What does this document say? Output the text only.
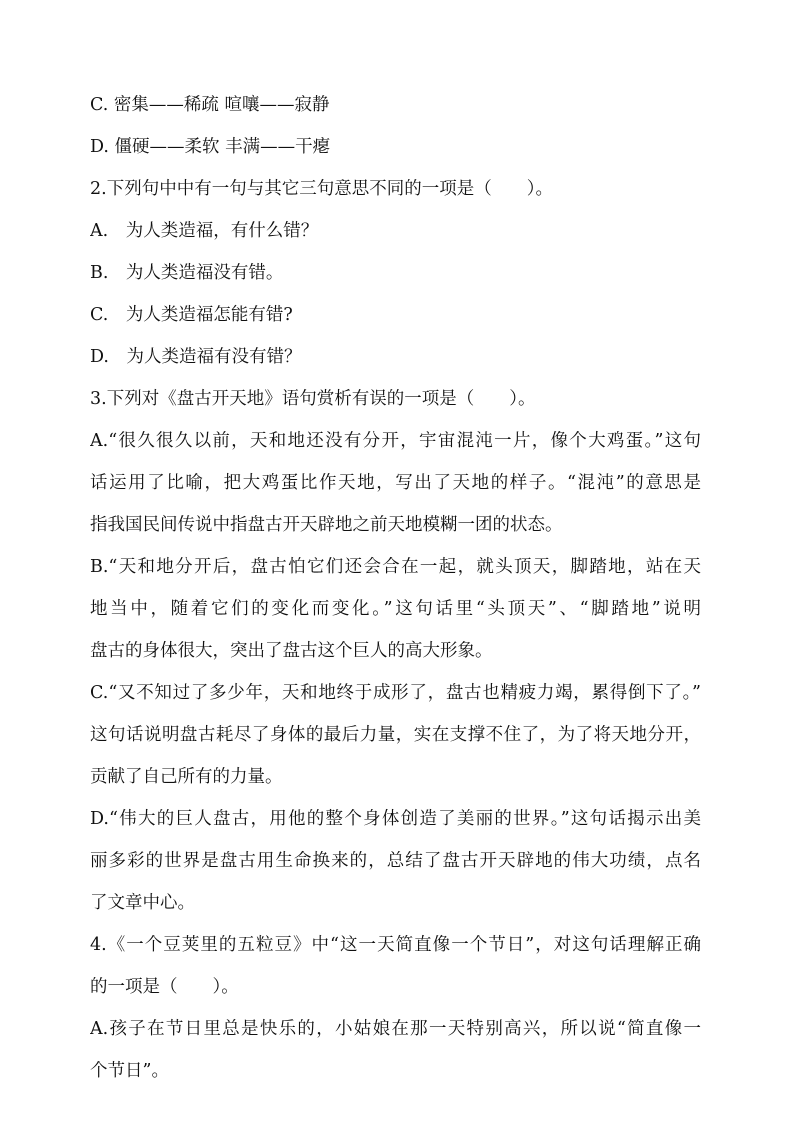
C. 密集——稀疏 喧嚷——寂静
D. 僵硬——柔软 丰满——干瘪
2.下列句中中有一句与其它三句意思不同的一项是（　　）。
A.　为人类造福，有什么错？
B.　为人类造福没有错。
C.　为人类造福怎能有错?
D.　为人类造福有没有错？
3.下列对《盘古开天地》语句赏析有误的一项是（　　）。
A.“很久很久以前，天和地还没有分开，宇宙混沌一片，像个大鸡蛋。”这句
话运用了比喻，把大鸡蛋比作天地，写出了天地的样子。“混沌”的意思是
指我国民间传说中指盘古开天辟地之前天地模糊一团的状态。
B.“天和地分开后，盘古怕它们还会合在一起，就头顶天，脚踏地，站在天
地当中，随着它们的变化而变化。”这句话里“头顶天”、“脚踏地”说明
盘古的身体很大，突出了盘古这个巨人的高大形象。
C.“又不知过了多少年，天和地终于成形了，盘古也精疲力竭，累得倒下了。”
这句话说明盘古耗尽了身体的最后力量，实在支撑不住了，为了将天地分开，
贡献了自己所有的力量。
D.“伟大的巨人盘古，用他的整个身体创造了美丽的世界。”这句话揭示出美
丽多彩的世界是盘古用生命换来的，总结了盘古开天辟地的伟大功绩，点名
了文章中心。
4.《一个豆荚里的五粒豆》中“这一天简直像一个节日”，对这句话理解正确
的一项是（　　）。
A.孩子在节日里总是快乐的，小姑娘在那一天特别高兴，所以说“简直像一
个节日”。
